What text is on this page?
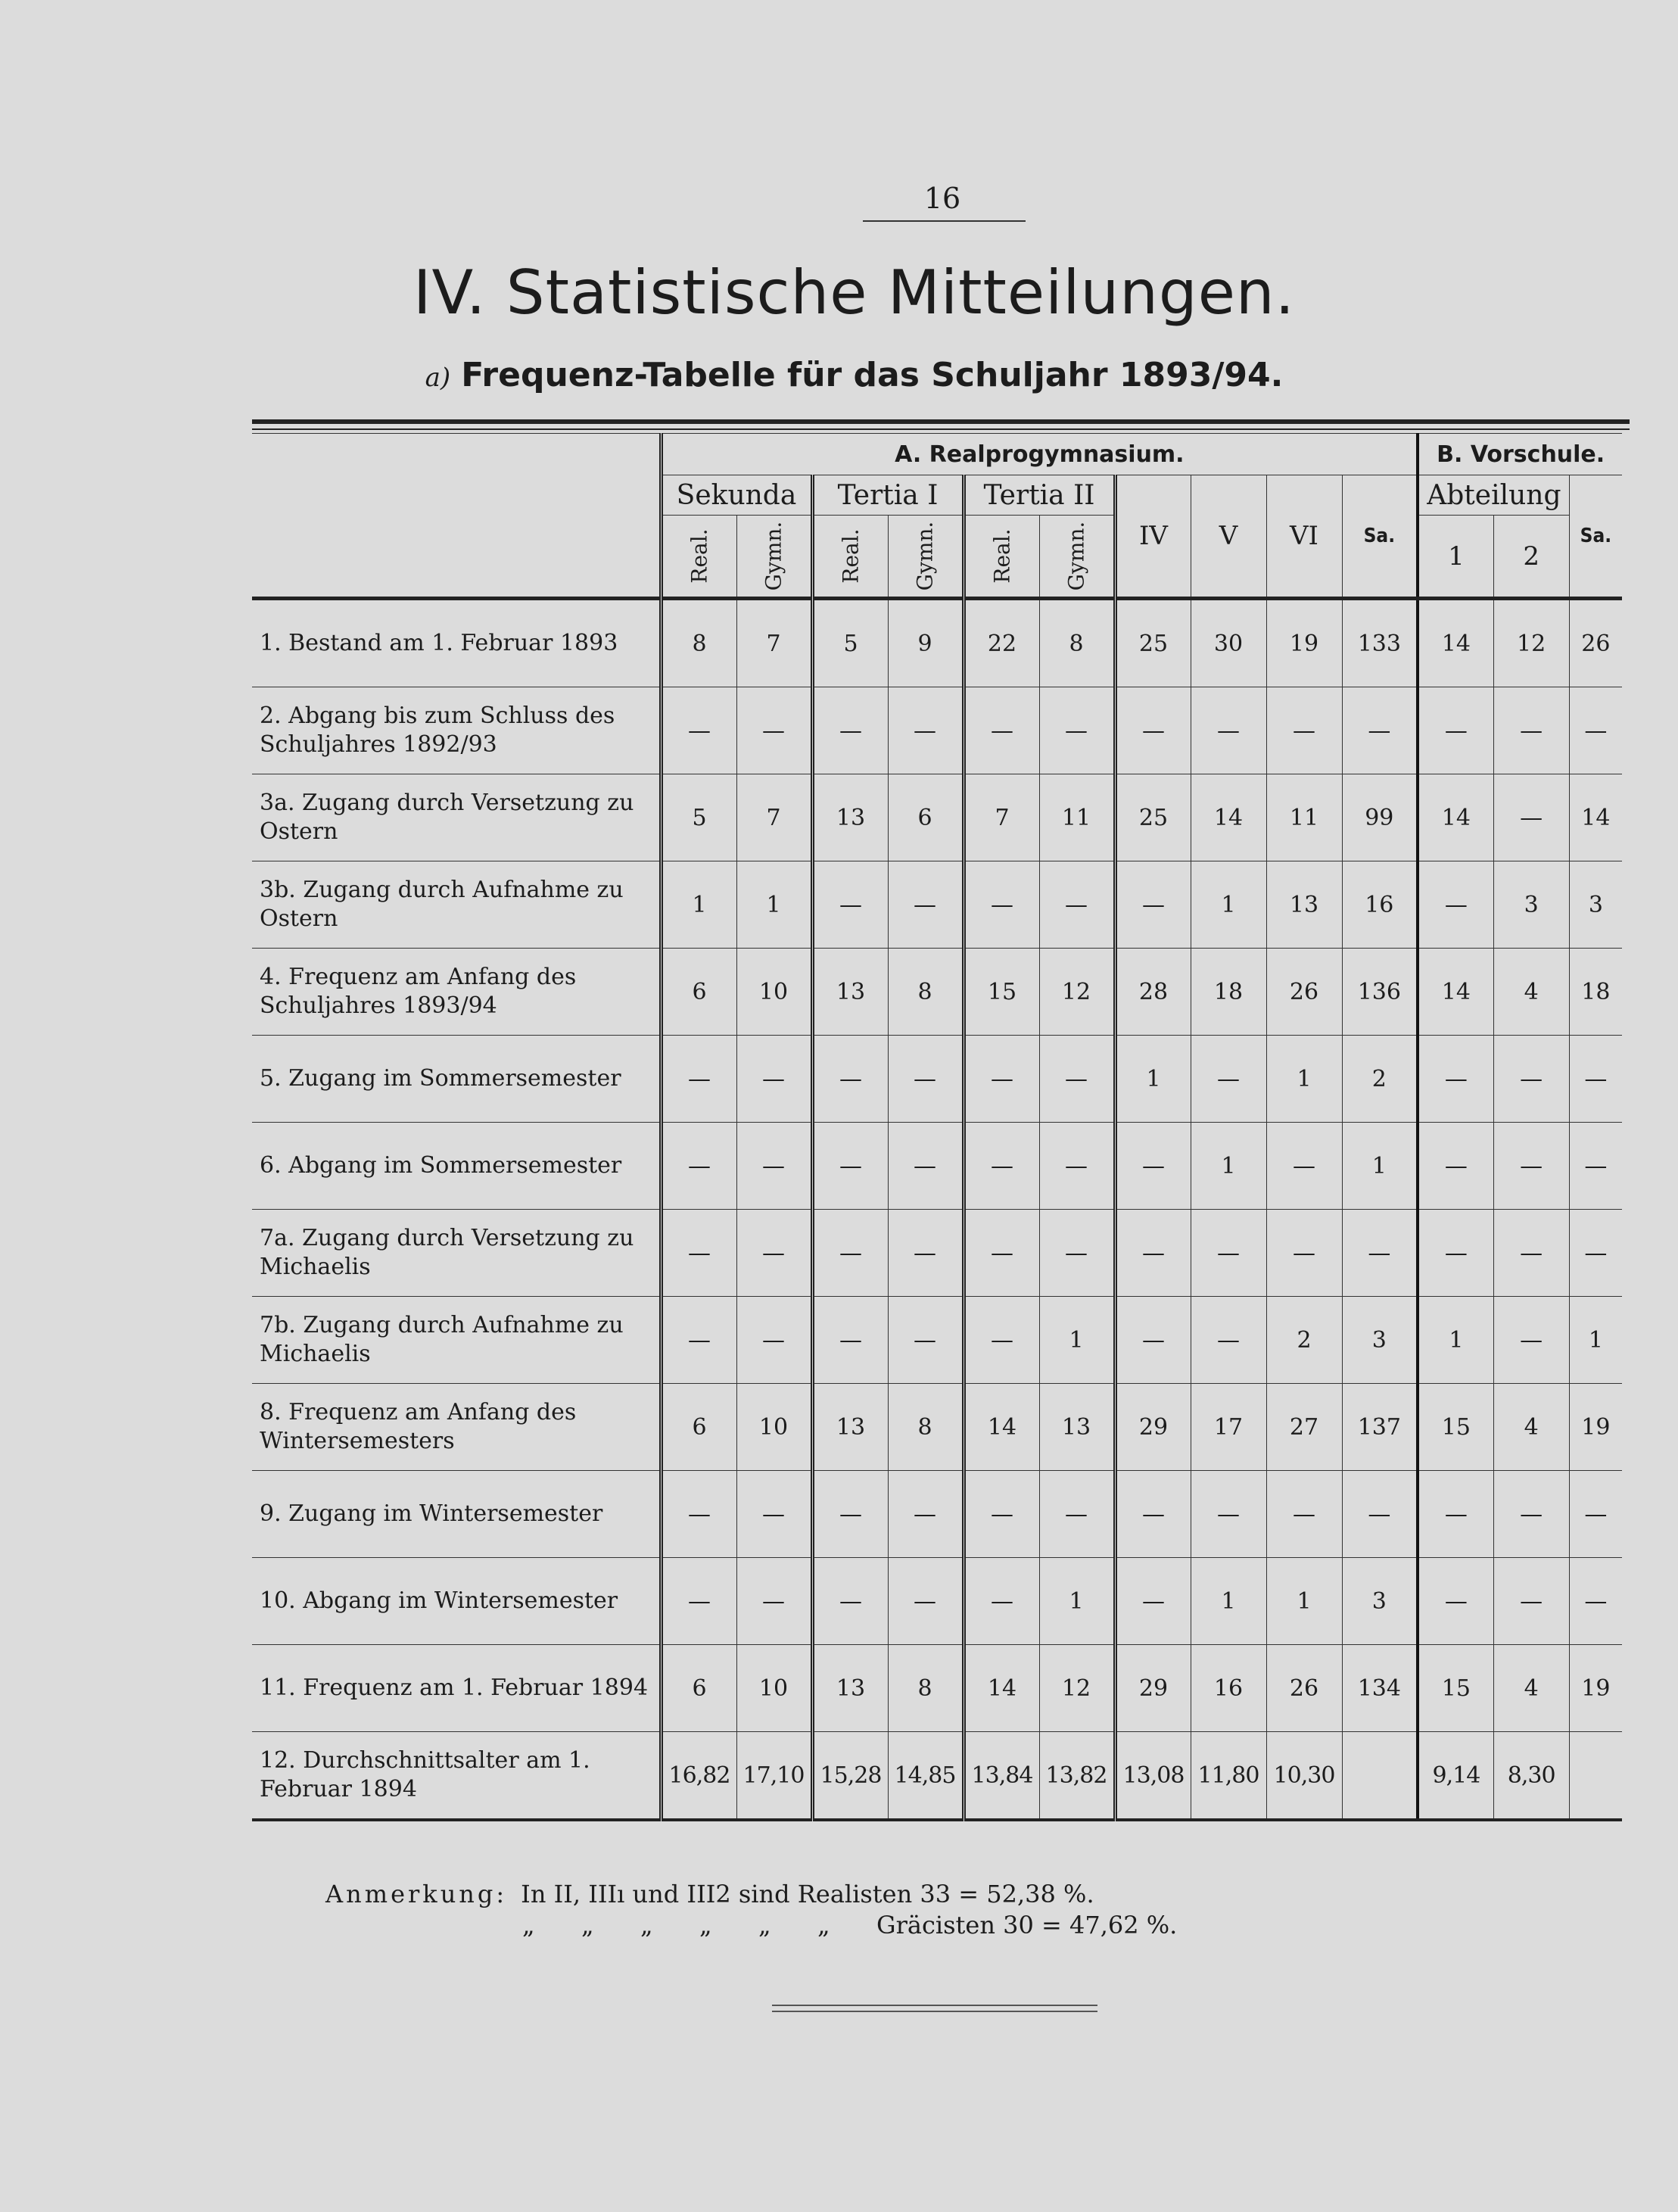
16
IV. Statistische Mitteilungen.
a) Frequenz-Tabelle für das Schuljahr 1893/94.
	A. Realprogymnasium.										B. Vorschule.		
	Sekunda		Tertia I		Tertia II		IV	V	VI	Sa.	Abteilung		Sa.
	Real.	Gymn.	Real.	Gymn.	Real.	Gymn.					1	2	
1. Bestand am 1. Februar 1893	8	7	5	9	22	8	25	30	19	133	14	12	26
2. Abgang bis zum Schluss des Schuljahres 1892/93	—	—	—	—	—	—	—	—	—	—	—	—	—
3a. Zugang durch Versetzung zu Ostern	5	7	13	6	7	11	25	14	11	99	14	—	14
3b. Zugang durch Aufnahme zu Ostern	1	1	—	—	—	—	—	1	13	16	—	3	3
4. Frequenz am Anfang des Schuljahres 1893/94	6	10	13	8	15	12	28	18	26	136	14	4	18
5. Zugang im Sommersemester	—	—	—	—	—	—	1	—	1	2	—	—	—
6. Abgang im Sommersemester	—	—	—	—	—	—	—	1	—	1	—	—	—
7a. Zugang durch Versetzung zu Michaelis	—	—	—	—	—	—	—	—	—	—	—	—	—
7b. Zugang durch Aufnahme zu Michaelis	—	—	—	—	—	1	—	—	2	3	1	—	1
8. Frequenz am Anfang des Wintersemesters	6	10	13	8	14	13	29	17	27	137	15	4	19
9. Zugang im Wintersemester	—	—	—	—	—	—	—	—	—	—	—	—	—
10. Abgang im Wintersemester	—	—	—	—	—	1	—	1	1	3	—	—	—
11. Frequenz am 1. Februar 1894	6	10	13	8	14	12	29	16	26	134	15	4	19
12. Durchschnittsalter am 1. Februar 1894	16,82	17,10	15,28	14,85	13,84	13,82	13,08	11,80	10,30		9,14	8,30	
Anmerkung: In II, IIIı und III2 sind Realisten 33 = 52,38 %.
„ „ „ „ „ „ Gräcisten 30 = 47,62 %.
